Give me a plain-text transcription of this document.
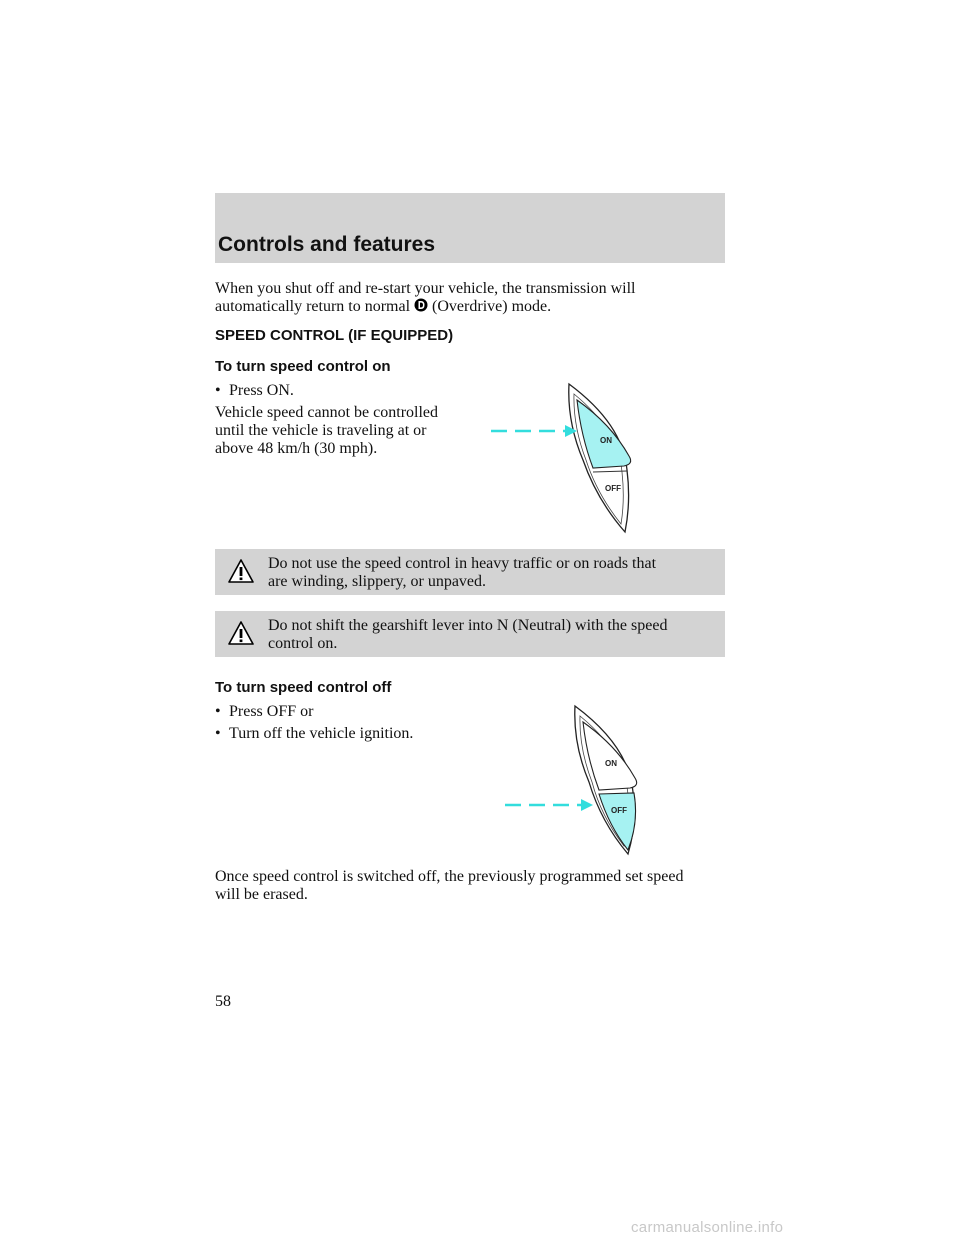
Controls and features
When you shut off and re-start your vehicle, the transmission will
automatically return to normal (Overdrive) mode.
SPEED CONTROL (IF EQUIPPED)
To turn speed control on
• Press ON.
Vehicle speed cannot be controlled
until the vehicle is traveling at or
above 48 km/h (30 mph).	ON
OFF
Do not use the speed control in heavy traffic or on roads that
are winding, slippery, or unpaved.
Do not shift the gearshift lever into N (Neutral) with the speed
control on.
To turn speed control off
• Press OFF or
• Turn off the vehicle ignition.
ON
OFF
Once speed control is switched off, the previously programmed set speed
will be erased.
58
carmanualsonline.info
